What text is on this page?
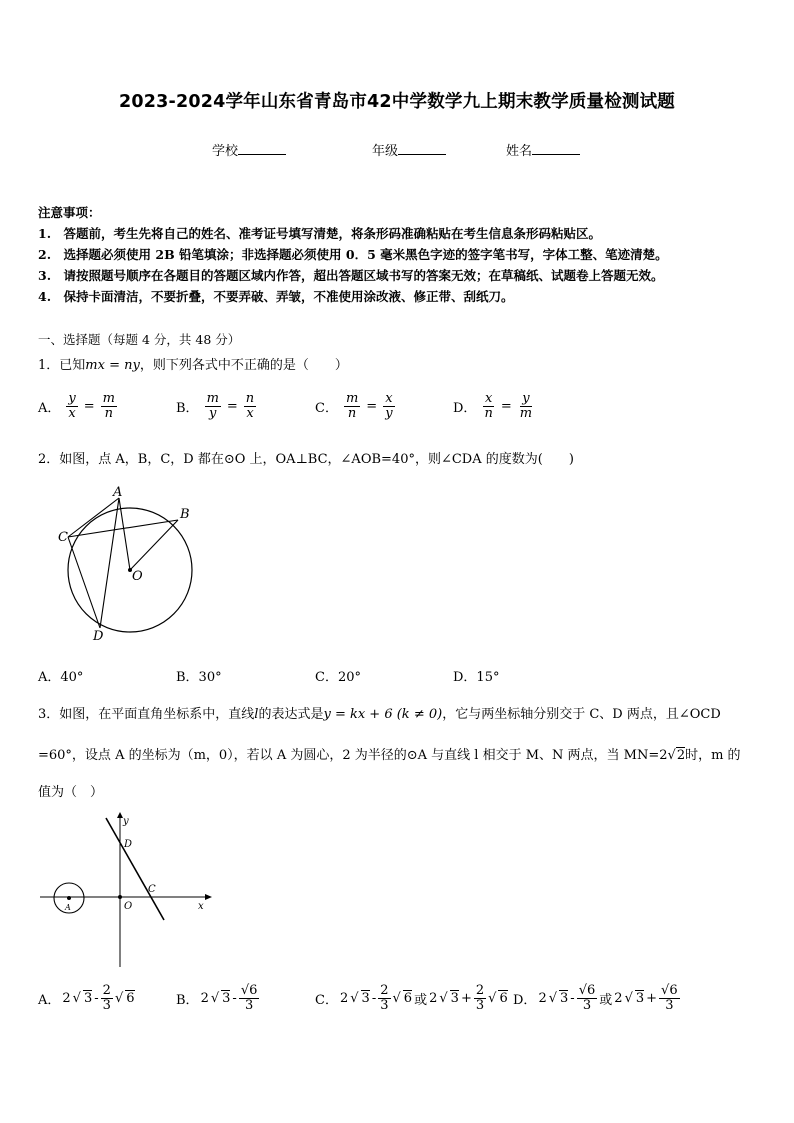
2023-2024学年山东省青岛市42中学数学九上期末教学质量检测试题
学校	年级	姓名
注意事项：
1.　答题前，考生先将自己的姓名、准考证号填写清楚，将条形码准确粘贴在考生信息条形码粘贴区。
2.　选择题必须使用 2B 铅笔填涂；非选择题必须使用 0．5 毫米黑色字迹的签字笔书写，字体工整、笔迹清楚。
3.　请按照题号顺序在各题目的答题区域内作答，超出答题区域书写的答案无效；在草稿纸、试题卷上答题无效。
4.　保持卡面清洁，不要折叠，不要弄破、弄皱，不准使用涂改液、修正带、刮纸刀。
一、选择题（每题 4 分，共 48 分）
1．已知mx = ny，则下列各式中不正确的是（　　）
A． $\frac{y}{x} = \frac{m}{n}$	B． $\frac{m}{y} = \frac{n}{x}$	C． $\frac{m}{n} = \frac{x}{y}$	D． $\frac{x}{n} = \frac{y}{m}$
2．如图，点 A，B，C，D 都在⊙O 上，OA⊥BC，∠AOB=40°，则∠CDA 的度数为(　　)
A
B
C
D
O
A．40°	B．30°	C．20°	D．15°
3．如图，在平面直角坐标系中，直线l的表达式是y = kx + 6 (k ≠ 0)，它与两坐标轴分别交于 C、D 两点，且∠OCD
=60°，设点 A 的坐标为（m，0），若以 A 为圆心，2 为半径的⊙A 与直线 l 相交于 M、N 两点，当 MN=2√2时，m 的
值为（　）
y
x
D
C
O
A
A． 2 √ $3 - \frac{2}{3}$ √ 6	B． 2 √ $3 - \frac{√6}{3}$	C． 2 √ $3 - \frac{2}{3}$ √ 6 或 2 √ $3 + \frac{2}{3}$ √ 6 D． 2 √ $3 - \frac{√6}{3}$ 或 2 √ $3 + \frac{√6}{3}$
